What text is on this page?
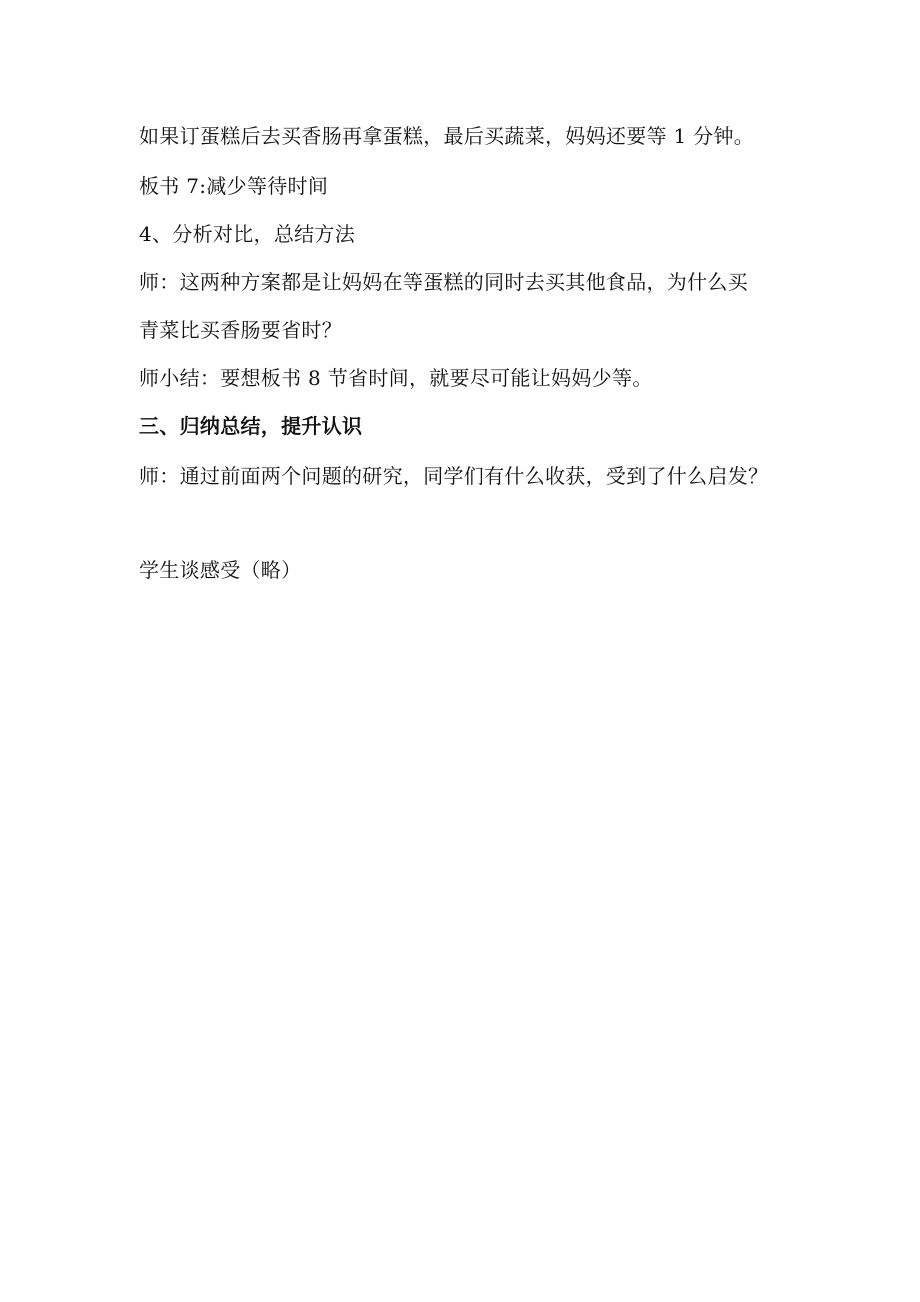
如果订蛋糕后去买香肠再拿蛋糕，最后买蔬菜，妈妈还要等 1 分钟。
板书 7:减少等待时间
4、分析对比，总结方法
师：这两种方案都是让妈妈在等蛋糕的同时去买其他食品，为什么买
青菜比买香肠要省时？
师小结：要想板书 8 节省时间，就要尽可能让妈妈少等。
三、归纳总结，提升认识
师：通过前面两个问题的研究，同学们有什么收获，受到了什么启发？
学生谈感受（略）
